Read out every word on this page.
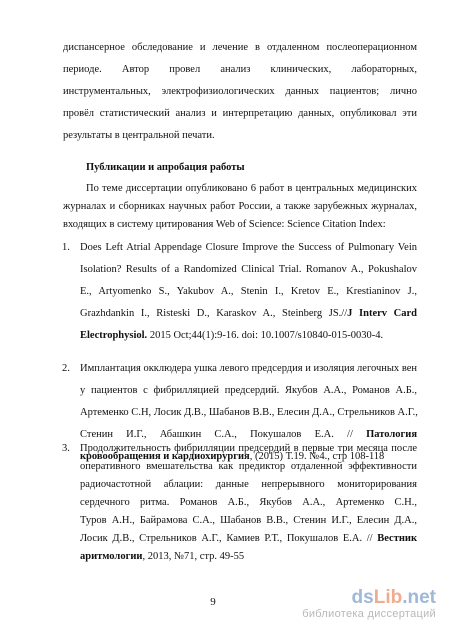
диспансерное обследование и лечение в отдаленном послеоперационном
периоде. Автор провел анализ клинических, лабораторных,
инструментальных, электрофизиологических данных пациентов; лично
провёл статистический анализ и интерпретацию данных, опубликовал эти
результаты в центральной печати.
Публикации и апробация работы
По теме диссертации опубликовано 6 работ в центральных медицинских
журналах и сборниках научных работ России, а также зарубежных журналах,
входящих в систему цитирования Web of Science: Science Citation Index:
1. Does Left Atrial Appendage Closure Improve the Success of Pulmonary Vein
Isolation? Results of a Randomized Clinical Trial. Romanov A., Pokushalov
E., Artyomenko S., Yakubov A., Stenin I., Kretov E., Krestianinov J.,
Grazhdankin I., Risteski D., Karaskov A., Steinberg JS.//J Interv Card
Electrophysiol. 2015 Oct;44(1):9-16. doi: 10.1007/s10840-015-0030-4.
2. Имплантация окклюдера ушка левого предсердия и изоляция легочных вен
у пациентов с фибрилляцией предсердий. Якубов А.А., Романов А.Б.,
Артеменко С.Н, Лосик Д.В., Шабанов В.В., Елесин Д.А., Стрельников А.Г.,
Стенин И.Г., Абашкин С.А., Покушалов Е.А. // Патология
кровообращения и кардиохирургия, (2015) Т.19. №4., стр 108-118
3. Продолжительность фибрилляции предсердий в первые три месяца после
оперативного вмешательства как предиктор отдаленной эффективности
радиочастотной аблации: данные непрерывного мониторирования
сердечного ритма. Романов А.Б., Якубов А.А., Артеменко С.Н.,
Туров А.Н., Байрамова С.А., Шабанов В.В., Стенин И.Г., Елесин Д.А.,
Лосик Д.В., Стрельников А.Г., Камиев Р.Т., Покушалов Е.А. // Вестник
аритмологии, 2013, №71, стр. 49-55
9	dsLib.net
библиотека диссертаций
